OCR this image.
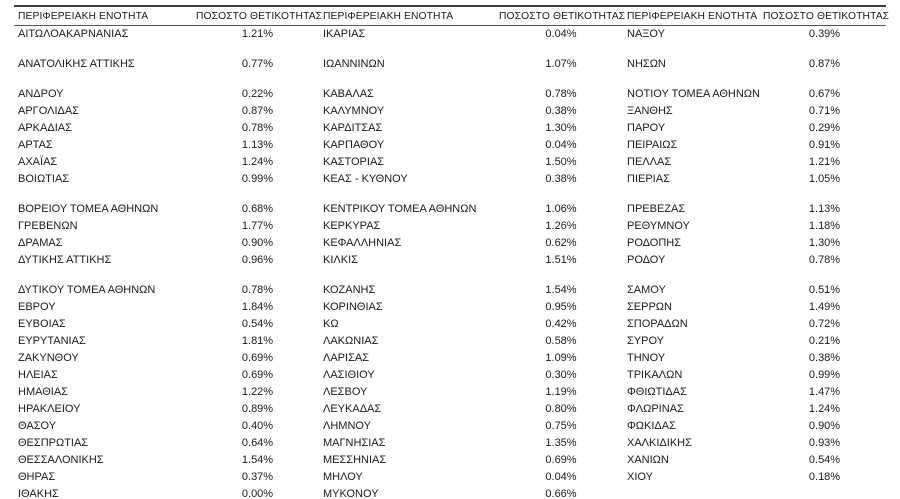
ΠΕΡΙΦΕΡΕΙΑΚΗ ΕΝΟΤΗΤΑ	ΠΟΣΟΣΤΟ ΘΕΤΙΚΟΤΗΤΑΣ	ΠΕΡΙΦΕΡΕΙΑΚΗ ΕΝΟΤΗΤΑ	ΠΟΣΟΣΤΟ ΘΕΤΙΚΟΤΗΤΑΣ	ΠΕΡΙΦΕΡΕΙΑΚΗ ΕΝΟΤΗΤΑ	ΠΟΣΟΣΤΟ ΘΕΤΙΚΟΤΗΤΑΣ
ΑΙΤΩΛΟΑΚΑΡΝΑΝΙΑΣ	1.21%	ΙΚΑΡΙΑΣ	0.04%	ΝΑΞΟΥ	0.39%

ΑΝΑΤΟΛΙΚΗΣ ΑΤΤΙΚΗΣ	0.77%	ΙΩΑΝΝΙΝΩΝ	1.07%	ΝΗΣΩΝ	0.87%

ΑΝΔΡΟΥ	0.22%	ΚΑΒΑΛΑΣ	0.78%	ΝΟΤΙΟΥ ΤΟΜΕΑ ΑΘΗΝΩΝ	0.67%
ΑΡΓΟΛΙΔΑΣ	0.87%	ΚΑΛΥΜΝΟΥ	0.38%	ΞΑΝΘΗΣ	0.71%
ΑΡΚΑΔΙΑΣ	0.78%	ΚΑΡΔΙΤΣΑΣ	1.30%	ΠΑΡΟΥ	0.29%
ΑΡΤΑΣ	1.13%	ΚΑΡΠΑΘΟΥ	0.04%	ΠΕΙΡΑΙΩΣ	0.91%
ΑΧΑΪΑΣ	1.24%	ΚΑΣΤΟΡΙΑΣ	1.50%	ΠΕΛΛΑΣ	1.21%
ΒΟΙΩΤΙΑΣ	0.99%	ΚΕΑΣ - ΚΥΘΝΟΥ	0.38%	ΠΙΕΡΙΑΣ	1.05%

ΒΟΡΕΙΟΥ ΤΟΜΕΑ ΑΘΗΝΩΝ	0.68%	ΚΕΝΤΡΙΚΟΥ ΤΟΜΕΑ ΑΘΗΝΩΝ	1.06%	ΠΡΕΒΕΖΑΣ	1.13%
ΓΡΕΒΕΝΩΝ	1.77%	ΚΕΡΚΥΡΑΣ	1.26%	ΡΕΘΥΜΝΟΥ	1.18%
ΔΡΑΜΑΣ	0.90%	ΚΕΦΑΛΛΗΝΙΑΣ	0.62%	ΡΟΔΟΠΗΣ	1.30%
ΔΥΤΙΚΗΣ ΑΤΤΙΚΗΣ	0.96%	ΚΙΛΚΙΣ	1.51%	ΡΟΔΟΥ	0.78%

ΔΥΤΙΚΟΥ ΤΟΜΕΑ ΑΘΗΝΩΝ	0.78%	ΚΟΖΑΝΗΣ	1.54%	ΣΑΜΟΥ	0.51%
ΕΒΡΟΥ	1.84%	ΚΟΡΙΝΘΙΑΣ	0.95%	ΣΕΡΡΩΝ	1.49%
ΕΥΒΟΙΑΣ	0.54%	ΚΩ	0.42%	ΣΠΟΡΑΔΩΝ	0.72%
ΕΥΡΥΤΑΝΙΑΣ	1.81%	ΛΑΚΩΝΙΑΣ	0.58%	ΣΥΡΟΥ	0.21%
ΖΑΚΥΝΘΟΥ	0.69%	ΛΑΡΙΣΑΣ	1.09%	ΤΗΝΟΥ	0.38%
ΗΛΕΙΑΣ	0.69%	ΛΑΣΙΘΙΟΥ	0.30%	ΤΡΙΚΑΛΩΝ	0.99%
ΗΜΑΘΙΑΣ	1.22%	ΛΕΣΒΟΥ	1.19%	ΦΘΙΩΤΙΔΑΣ	1.47%
ΗΡΑΚΛΕΙΟΥ	0.89%	ΛΕΥΚΑΔΑΣ	0.80%	ΦΛΩΡΙΝΑΣ	1.24%
ΘΑΣΟΥ	0.40%	ΛΗΜΝΟΥ	0.75%	ΦΩΚΙΔΑΣ	0.90%
ΘΕΣΠΡΩΤΙΑΣ	0.64%	ΜΑΓΝΗΣΙΑΣ	1.35%	ΧΑΛΚΙΔΙΚΗΣ	0.93%
ΘΕΣΣΑΛΟΝΙΚΗΣ	1.54%	ΜΕΣΣΗΝΙΑΣ	0.69%	ΧΑΝΙΩΝ	0.54%
ΘΗΡΑΣ	0.37%	ΜΗΛΟΥ	0.04%	ΧΙΟΥ	0.18%
ΙΘΑΚΗΣ	0.00%	ΜΥΚΟΝΟΥ	0.66%		
